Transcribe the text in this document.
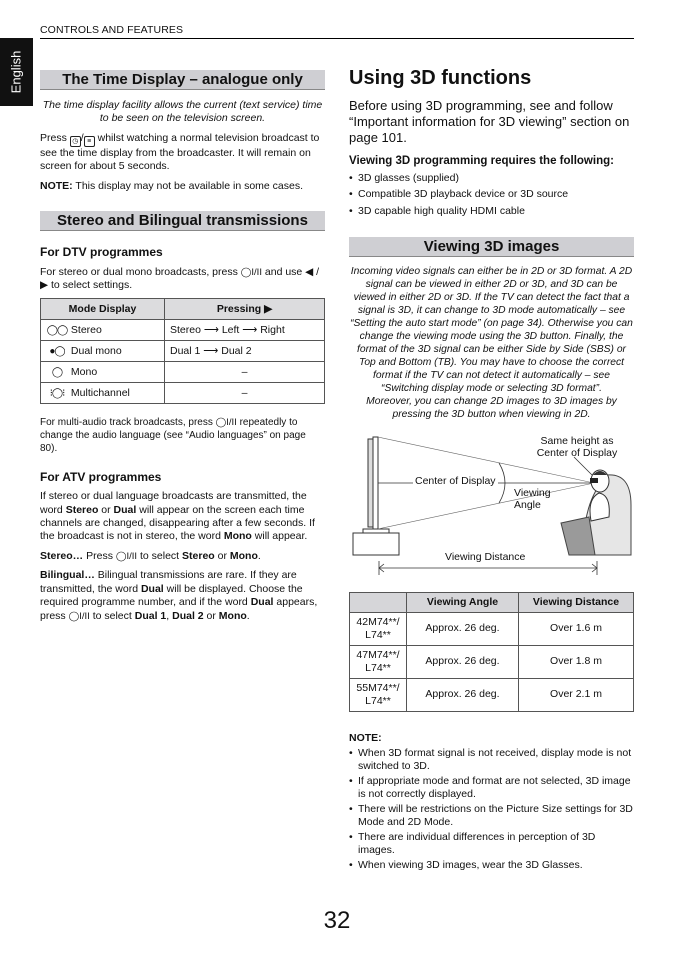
CONTROLS AND FEATURES
English	The Time Display – analogue only
The time display facility allows the current (text service) time to be seen on the television screen.

Press ◷ / ≡ whilst watching a normal television broadcast to see the time display from the broadcaster. It will remain on screen for about 5 seconds.

NOTE: This display may not be available in some cases.

Stereo and Bilingual transmissions
For DTV programmes

For stereo or dual mono broadcasts, press ◯I/II and use ◀ / ▶ to select settings.

Mode Display	Pressing ▶
◯◯ Stereo	Stereo ⟶ Left ⟶ Right
●◯ Dual mono	Dual 1 ⟶ Dual 2
◯ Mono	–
⁝◯⁝ Multichannel	–

For multi-audio track broadcasts, press ◯I/II repeatedly to change the audio language (see “Audio languages” on page 80).

For ATV programmes

If stereo or dual language broadcasts are transmitted, the word Stereo or Dual will appear on the screen each time channels are changed, disappearing after a few seconds. If the broadcast is not in stereo, the word Mono will appear.

Stereo… Press ◯I/II to select Stereo or Mono.

Bilingual… Bilingual transmissions are rare. If they are transmitted, the word Dual will be displayed. Choose the required programme number, and if the word Dual appears, press ◯I/II to select Dual 1, Dual 2 or Mono.

Using 3D functions
Before using 3D programming, see and follow “Important information for 3D viewing” section on page 101.
Viewing 3D programming requires the following:
• 3D glasses (supplied)
• Compatible 3D playback device or 3D source
• 3D capable high quality HDMI cable
Viewing 3D images
Incoming video signals can either be in 2D or 3D format. A 2D signal can be viewed in either 2D or 3D, and 3D can be viewed in either 2D or 3D. If the TV can detect the fact that a signal is 3D, it can change to 3D mode automatically – see “Setting the auto start mode” (on page 34). Otherwise you can change the viewing mode using the 3D button. Finally, the format of the 3D signal can be either Side by Side (SBS) or Top and Bottom (TB). You may have to choose the correct format if the TV can not detect it automatically – see “Switching display mode or selecting 3D format”.
Moreover, you can change 2D images to 3D images by pressing the 3D button when viewing in 2D.
Same height as Center of Display
Center of Display
Viewing Angle
Viewing Distance
	Viewing Angle	Viewing Distance
42M74**/ L74**	Approx. 26 deg.	Over 1.6 m
47M74**/ L74**	Approx. 26 deg.	Over 1.8 m
55M74**/ L74**	Approx. 26 deg.	Over 2.1 m
NOTE:
• When 3D format signal is not received, display mode is not switched to 3D.
• If appropriate mode and format are not selected, 3D image is not correctly displayed.
• There will be restrictions on the Picture Size settings for 3D Mode and 2D Mode.
• There are individual differences in perception of 3D images.
• When viewing 3D images, wear the 3D Glasses.
32
